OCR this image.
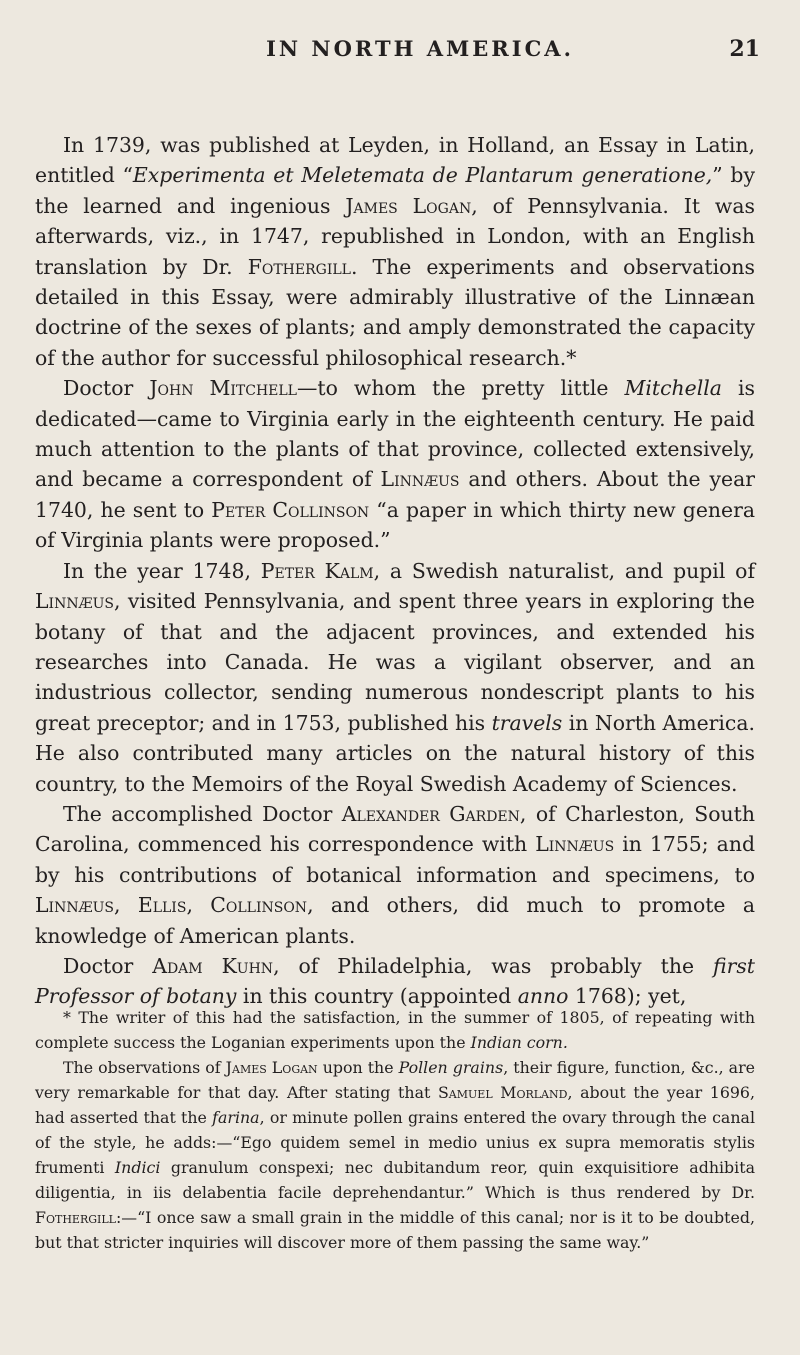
IN NORTH AMERICA.	21

In 1739, was published at Leyden, in Holland, an Essay in Latin, entitled “Experimenta et Meletemata de Plantarum generatione,” by the learned and ingenious James Logan, of Pennsylvania. It was afterwards, viz., in 1747, republished in London, with an English translation by Dr. Fothergill. The experiments and observations detailed in this Essay, were admirably illustrative of the Linnæan doctrine of the sexes of plants; and amply demonstrated the capacity of the author for successful philosophical research.*

Doctor John Mitchell—to whom the pretty little Mitchella is dedicated—came to Virginia early in the eighteenth century. He paid much attention to the plants of that province, collected extensively, and became a correspondent of Linnæus and others. About the year 1740, he sent to Peter Collinson “a paper in which thirty new genera of Virginia plants were proposed.”

In the year 1748, Peter Kalm, a Swedish naturalist, and pupil of Linnæus, visited Pennsylvania, and spent three years in exploring the botany of that and the adjacent provinces, and extended his researches into Canada. He was a vigilant observer, and an industrious collector, sending numerous nondescript plants to his great preceptor; and in 1753, published his travels in North America. He also contributed many articles on the natural history of this country, to the Memoirs of the Royal Swedish Academy of Sciences.

The accomplished Doctor Alexander Garden, of Charleston, South Carolina, commenced his correspondence with Linnæus in 1755; and by his contributions of botanical information and specimens, to Linnæus, Ellis, Collinson, and others, did much to promote a knowledge of American plants.

Doctor Adam Kuhn, of Philadelphia, was probably the first Professor of botany in this country (appointed anno 1768); yet,

* The writer of this had the satisfaction, in the summer of 1805, of repeating with complete success the Loganian experiments upon the Indian corn.

The observations of James Logan upon the Pollen grains, their figure, function, &c., are very remarkable for that day. After stating that Samuel Morland, about the year 1696, had asserted that the farina, or minute pollen grains entered the ovary through the canal of the style, he adds:—“Ego quidem semel in medio unius ex supra memoratis stylis frumenti Indici granulum conspexi; nec dubitandum reor, quin exquisitiore adhibita diligentia, in iis delabentia facile deprehendantur.” Which is thus rendered by Dr. Fothergill:—“I once saw a small grain in the middle of this canal; nor is it to be doubted, but that stricter inquiries will discover more of them passing the same way.”
